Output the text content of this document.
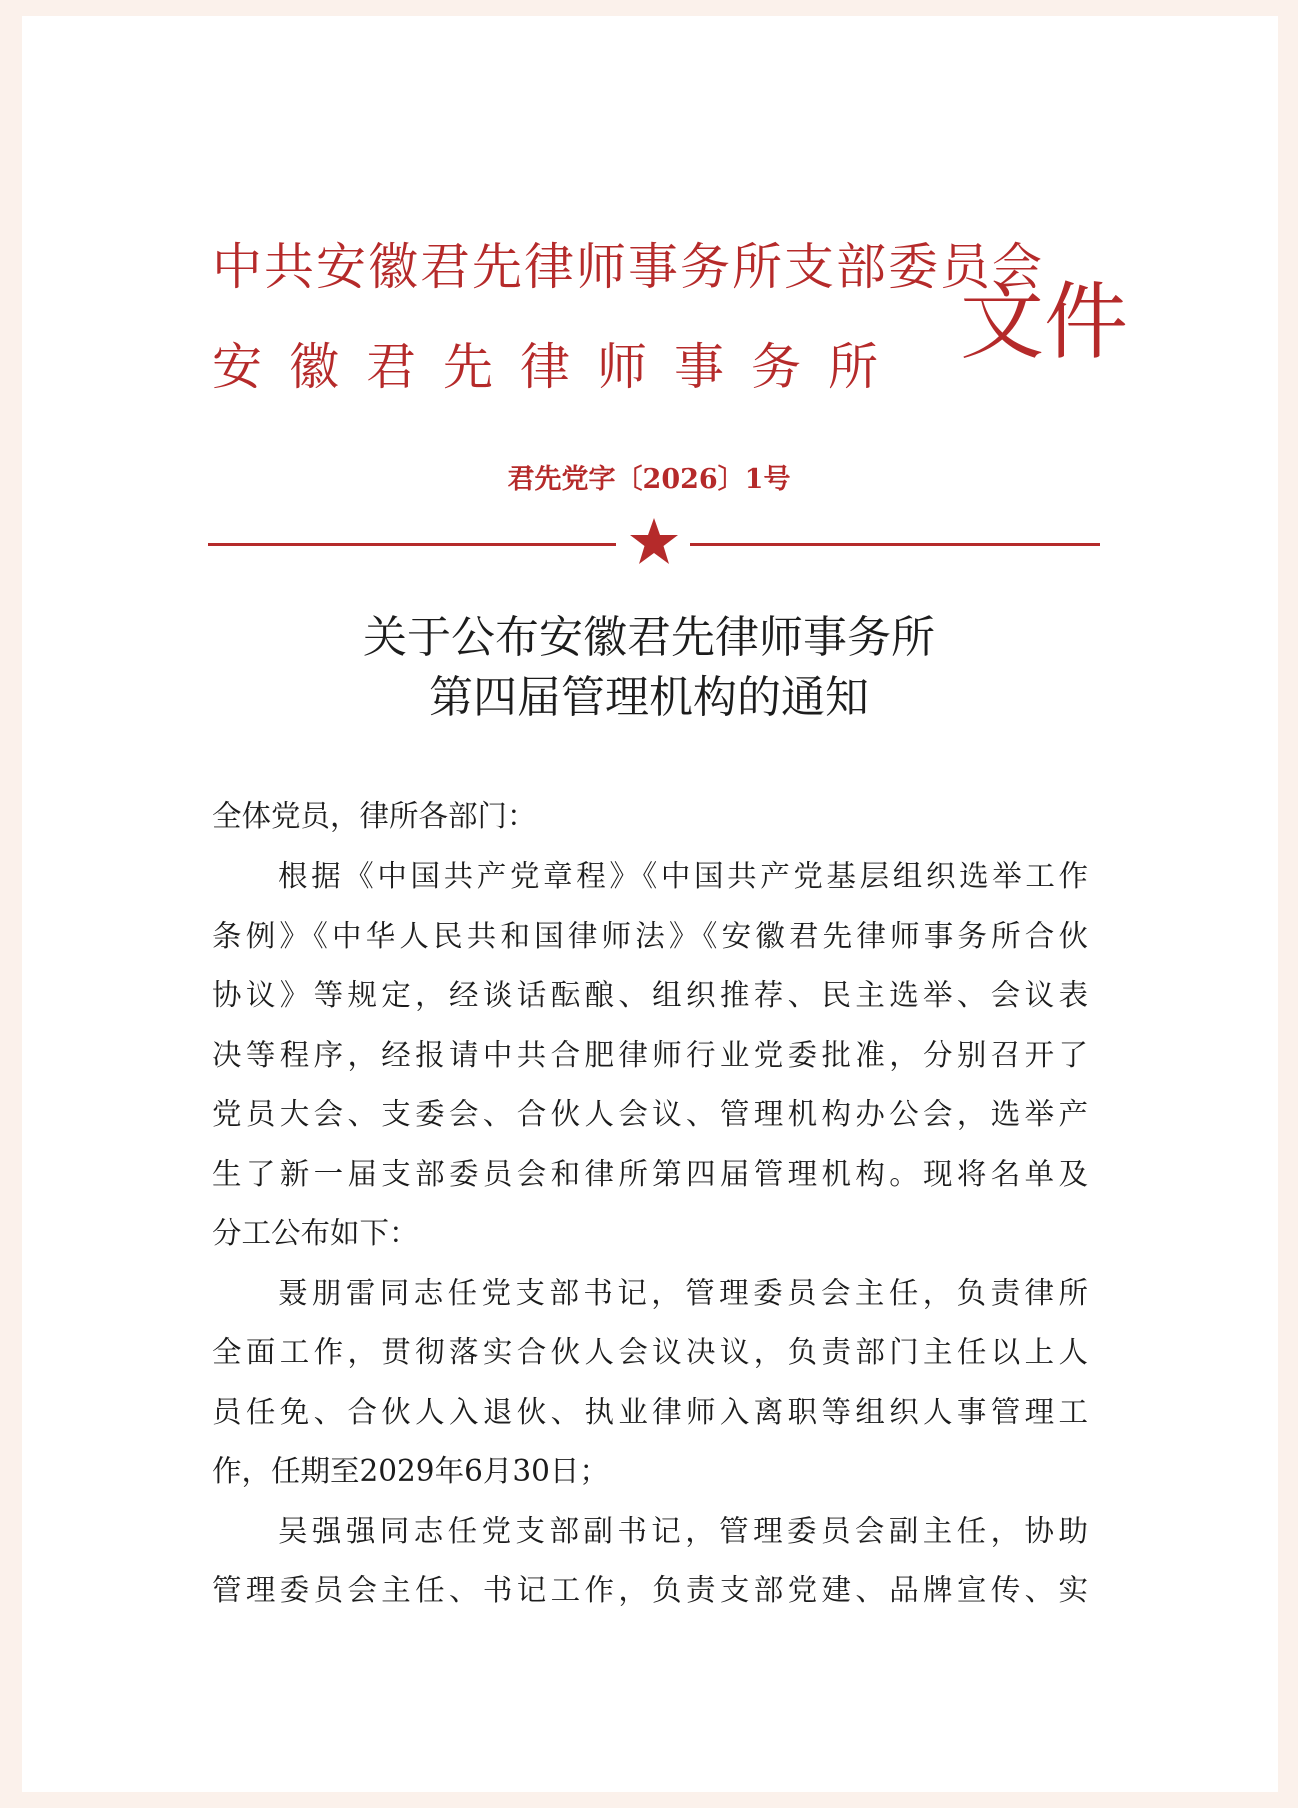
中共安徽君先律师事务所支部委员会
安徽君先律师事务所 文件
君先党字〔2026〕1号
关于公布安徽君先律师事务所
第四届管理机构的通知
全体党员，律所各部门：
根据《中国共产党章程》《中国共产党基层组织选举工作
条例》《中华人民共和国律师法》《安徽君先律师事务所合伙
协议》等规定，经谈话酝酿、组织推荐、民主选举、会议表
决等程序，经报请中共合肥律师行业党委批准，分别召开了
党员大会、支委会、合伙人会议、管理机构办公会，选举产
生了新一届支部委员会和律所第四届管理机构。现将名单及
分工公布如下：
聂朋雷同志任党支部书记，管理委员会主任，负责律所
全面工作，贯彻落实合伙人会议决议，负责部门主任以上人
员任免、合伙人入退伙、执业律师入离职等组织人事管理工
作，任期至2029年6月30日；
吴强强同志任党支部副书记，管理委员会副主任，协助
管理委员会主任、书记工作，负责支部党建、品牌宣传、实
